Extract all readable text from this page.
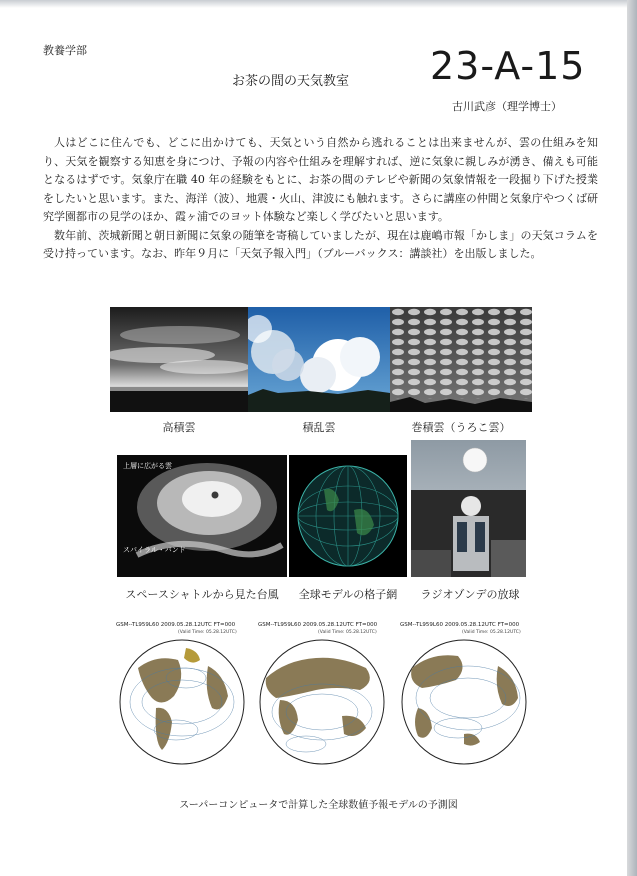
教養学部
お茶の間の天気教室 23-A-15
古川武彦（理学博士）

人はどこに住んでも、どこに出かけても、天気という自然から逃れることは出来ませんが、雲の仕組みを知り、天気を観察する知恵を身につけ、予報の内容や仕組みを理解すれば、逆に気象に親しみが湧き、備えも可能となるはずです。気象庁在職 40 年の経験をもとに、お茶の間のテレビや新聞の気象情報を一段掘り下げた授業をしたいと思います。また、海洋（波）、地震・火山、津波にも触れます。さらに講座の仲間と気象庁やつくば研究学園都市の見学のほか、霞ヶ浦でのヨット体験など楽しく学びたいと思います。

数年前、茨城新聞と朝日新聞に気象の随筆を寄稿していましたが、現在は鹿嶋市報「かしま」の天気コラムを受け持っています。なお、昨年９月に「天気予報入門」（ブルーバックス：講談社）を出版しました。

高積雲	積乱雲	巻積雲（うろこ雲）
上層に広がる雲
スパイラル・バンド
スペースシャトルから見た台風	全球モデルの格子網	ラジオゾンデの放球
GSM--TL959L60 2009.05.28.12UTC FT=000
(Valid Time: 05.28.12UTC)
GSM--TL959L60 2009.05.28.12UTC FT=000
(Valid Time: 05.28.12UTC)
GSM--TL959L60 2009.05.28.12UTC FT=000
(Valid Time: 05.28.12UTC)
スーパーコンピュータで計算した全球数値予報モデルの予測図
